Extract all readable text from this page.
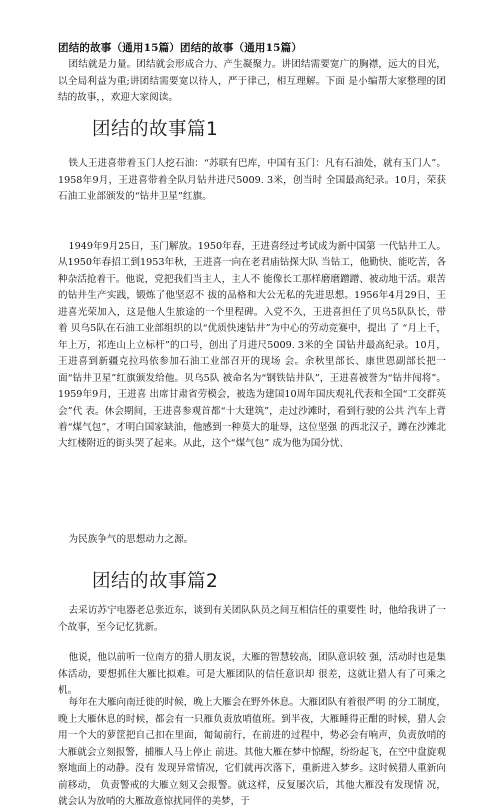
团结的故事（通用15篇）团结的故事（通用15篇）
团结就是力量。团结就会形成合力、产生凝聚力。讲团结需要宽广的胸襟，远大的目光，以全局利益为重;讲团结需要宽以待人，严于律己，相互理解。下面 是小编帮大家整理的团结的故事，，欢迎大家阅读。
团结的故事篇1
铁人王进喜带着玉门人挖石油：“苏联有巴库，中国有玉门：凡有石油处，就有玉门人”。1958年9月，王进喜带着全队月钻井进尺5009. 3米，创当时 全国最高纪录。10月，荣获石油工业部颁发的“钻井卫星”红旗。
1949年9月25日，玉门解放。1950年春，王进喜经过考试成为新中国第 一代钻井工人。从1950年春招工到1953年秋，王进喜一向在老君庙钻探大队 当钻工，他勤快、能吃苦，各种杂活抢着干。他说，党把我们当主人，主人不 能像长工那样磨磨蹭蹭、被动地干活。艰苦的钻井生产实践，锻炼了他坚忍不 拔的品格和大公无私的先进思想。1956年4月29日，王进喜光荣加入，这是他人生旅途的一个里程碑。入党不久，王进喜担任了贝乌5队队长，带着 贝乌5队在石油工业部组织的以“优质快速钻井”为中心的劳动竞赛中，提出 了 “月上千，年上万，祁连山上立标杆”的口号，创出了月进尺5009. 3米的全 国钻井最高纪录。10月，王进喜到新疆克拉玛依参加石油工业部召开的现场 会。余秋里部长、康世恩副部长把一面“钻井卫星”红旗颁发给他。贝乌5队 被命名为“钢铁钻井队”，王进喜被誉为“钻井闯将”。1959年9月，王进喜 出席甘肃省劳模会，被选为建国10周年国庆观礼代表和全国“工交群英会”代 表。休会期间，王进喜参观首都“十大建筑”，走过沙滩时，看到行驶的公共 汽车上背着“煤气包”，才明白国家缺油，他感到一种莫大的耻辱，这位坚强 的西北汉子，蹲在沙滩北大红楼附近的街头哭了起来。从此，这个“煤气包” 成为他为国分忧、
为民族争气的思想动力之源。
团结的故事篇2
去采访苏宁电器老总张近东，谈到有关团队队员之间互相信任的重要性 时，他给我讲了一个故事，至今记忆犹新。
他说，他以前听一位南方的猎人朋友说，大雁的智慧较高，团队意识较 强，活动时也是集体活动，要想抓住大雁比拟难。可是大雁团队的信任意识却 很差，这就让猎人有了可乘之机。
每年在大雁向南迁徙的时候，晚上大雁会在野外休息。大雁团队有着很严明 的分工制度，晚上大雁休息的时候，都会有一只雁负责放哨值班。到半夜，大雁睡得正酣的时候，猎人会用一个大的萝筐把自己扣在里面，匍匐前行，在前进的过程中，势必会有响声，负责放哨的大雁就会立刻报警，捕雁人马上停止 前进。其他大雁在梦中惊醒，纷纷起飞，在空中盘旋观察地面上的动静。没有 发现异常情况，它们就再次落下，重新进入梦乡。这时候猎人重新向前移动， 负责警戒的大雁立刻又会报警。就这样，反复屡次后，其他大雁没有发现情 况，就会认为放哨的大雁故意惊扰同伴的美梦，于
